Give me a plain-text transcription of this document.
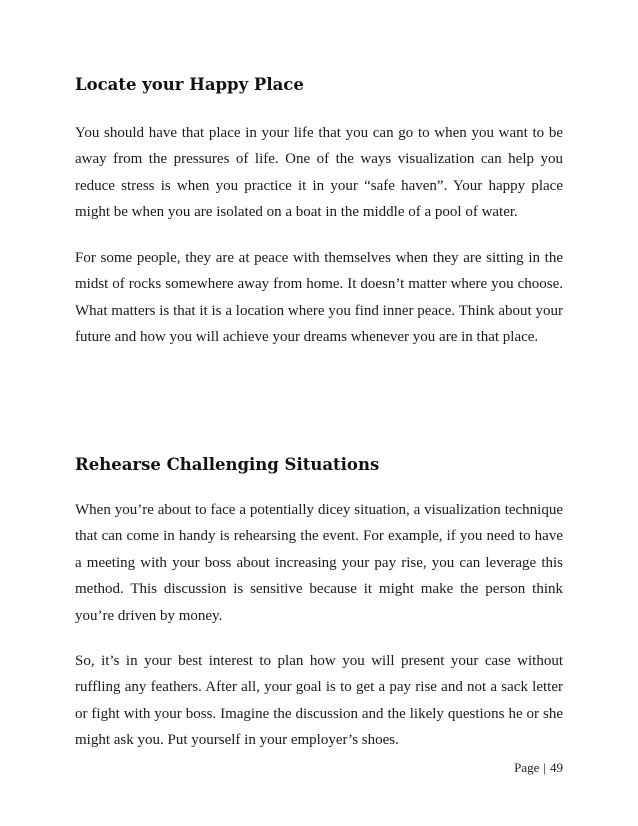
Locate your Happy Place

You should have that place in your life that you can go to when you want to be away from the pressures of life. One of the ways visualization can help you reduce stress is when you practice it in your “safe haven”. Your happy place might be when you are isolated on a boat in the middle of a pool of water.

For some people, they are at peace with themselves when they are sitting in the midst of rocks somewhere away from home. It doesn’t matter where you choose. What matters is that it is a location where you find inner peace. Think about your future and how you will achieve your dreams whenever you are in that place.

Rehearse Challenging Situations

When you’re about to face a potentially dicey situation, a visualization technique that can come in handy is rehearsing the event. For example, if you need to have a meeting with your boss about increasing your pay rise, you can leverage this method. This discussion is sensitive because it might make the person think you’re driven by money.

So, it’s in your best interest to plan how you will present your case without ruffling any feathers. After all, your goal is to get a pay rise and not a sack letter or fight with your boss. Imagine the discussion and the likely questions he or she might ask you. Put yourself in your employer’s shoes.

Page | 49
